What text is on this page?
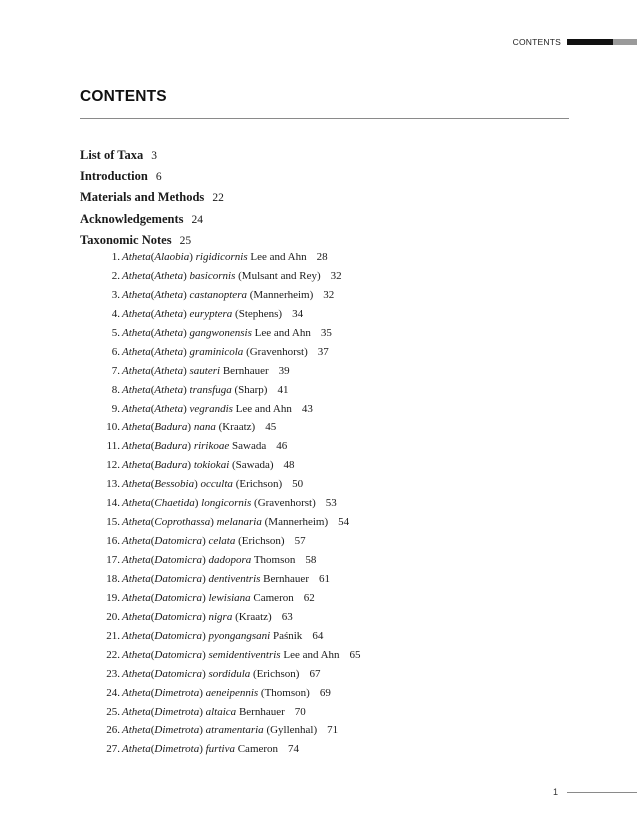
CONTENTS
CONTENTS
List of Taxa 3
Introduction 6
Materials and Methods 22
Acknowledgements 24
Taxonomic Notes 25
1. Atheta(Alaobia) rigidicornis Lee and Ahn 28
2. Atheta(Atheta) basicornis (Mulsant and Rey) 32
3. Atheta(Atheta) castanoptera (Mannerheim) 32
4. Atheta(Atheta) euryptera (Stephens) 34
5. Atheta(Atheta) gangwonensis Lee and Ahn 35
6. Atheta(Atheta) graminicola (Gravenhorst) 37
7. Atheta(Atheta) sauteri Bernhauer 39
8. Atheta(Atheta) transfuga (Sharp) 41
9. Atheta(Atheta) vegrandis Lee and Ahn 43
10. Atheta(Badura) nana (Kraatz) 45
11. Atheta(Badura) ririkoae Sawada 46
12. Atheta(Badura) tokiokai (Sawada) 48
13. Atheta(Bessobia) occulta (Erichson) 50
14. Atheta(Chaetida) longicornis (Gravenhorst) 53
15. Atheta(Coprothassa) melanaria (Mannerheim) 54
16. Atheta(Datomicra) celata (Erichson) 57
17. Atheta(Datomicra) dadopora Thomson 58
18. Atheta(Datomicra) dentiventris Bernhauer 61
19. Atheta(Datomicra) lewisiana Cameron 62
20. Atheta(Datomicra) nigra (Kraatz) 63
21. Atheta(Datomicra) pyongangsani Paśnik 64
22. Atheta(Datomicra) semidentiventris Lee and Ahn 65
23. Atheta(Datomicra) sordidula (Erichson) 67
24. Atheta(Dimetrota) aeneipennis (Thomson) 69
25. Atheta(Dimetrota) altaica Bernhauer 70
26. Atheta(Dimetrota) atramentaria (Gyllenhal) 71
27. Atheta(Dimetrota) furtiva Cameron 74
1
